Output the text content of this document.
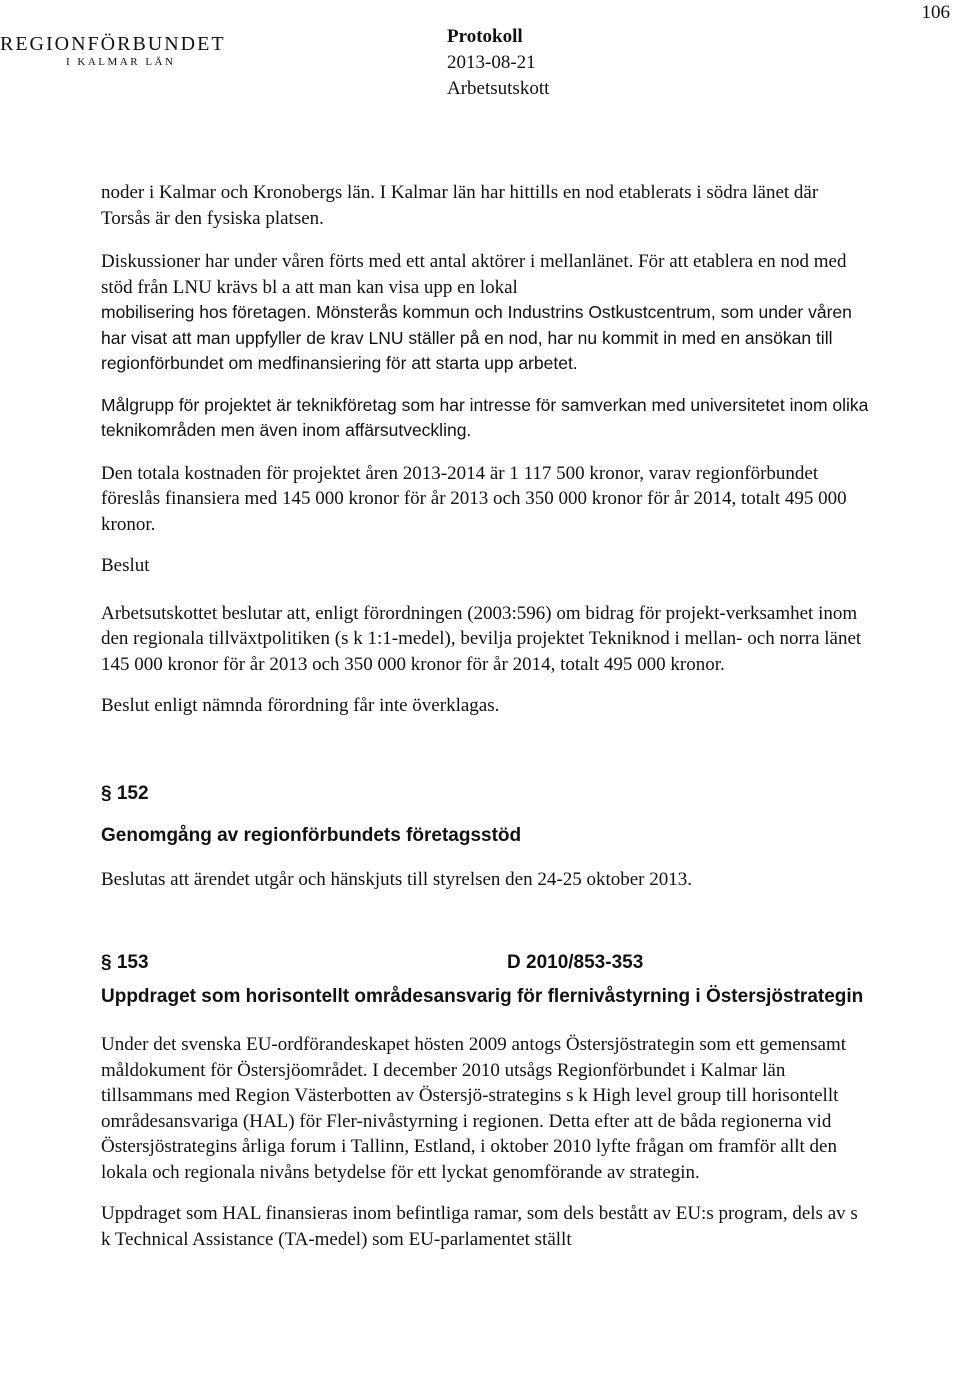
106
REGIONFÖRBUNDET
I KALMAR LÄN
Protokoll
2013-08-21
Arbetsutskott

noder i Kalmar och Kronobergs län. I Kalmar län har hittills en nod etablerats i södra länet där Torsås är den fysiska platsen.

Diskussioner har under våren förts med ett antal aktörer i mellanlänet. För att etablera en nod med stöd från LNU krävs bl a att man kan visa upp en lokal

mobilisering hos företagen. Mönsterås kommun och Industrins Ostkustcentrum, som under våren har visat att man uppfyller de krav LNU ställer på en nod, har nu kommit in med en ansökan till regionförbundet om medfinansiering för att starta upp arbetet.

Målgrupp för projektet är teknikföretag som har intresse för samverkan med universitetet inom olika teknikområden men även inom affärsutveckling.

Den totala kostnaden för projektet åren 2013-2014 är 1 117 500 kronor, varav regionförbundet föreslås finansiera med 145 000 kronor för år 2013 och 350 000 kronor för år 2014, totalt 495 000 kronor.

Beslut

Arbetsutskottet beslutar att, enligt förordningen (2003:596) om bidrag för projekt-verksamhet inom den regionala tillväxtpolitiken (s k 1:1-medel), bevilja projektet Tekniknod i mellan- och norra länet 145 000 kronor för år 2013 och 350 000 kronor för år 2014, totalt 495 000 kronor.

Beslut enligt nämnda förordning får inte överklagas.

§ 152

Genomgång av regionförbundets företagsstöd

Beslutas att ärendet utgår och hänskjuts till styrelsen den 24-25 oktober 2013.

§ 153	D 2010/853-353

Uppdraget som horisontellt områdesansvarig för flernivåstyrning i Östersjöstrategin

Under det svenska EU-ordförandeskapet hösten 2009 antogs Östersjöstrategin som ett gemensamt måldokument för Östersjöområdet. I december 2010 utsågs Regionförbundet i Kalmar län tillsammans med Region Västerbotten av Östersjö-strategins s k High level group till horisontellt områdesansvariga (HAL) för Fler-nivåstyrning i regionen. Detta efter att de båda regionerna vid Östersjöstrategins årliga forum i Tallinn, Estland, i oktober 2010 lyfte frågan om framför allt den lokala och regionala nivåns betydelse för ett lyckat genomförande av strategin.

Uppdraget som HAL finansieras inom befintliga ramar, som dels bestått av EU:s program, dels av s k Technical Assistance (TA-medel) som EU-parlamentet ställt
